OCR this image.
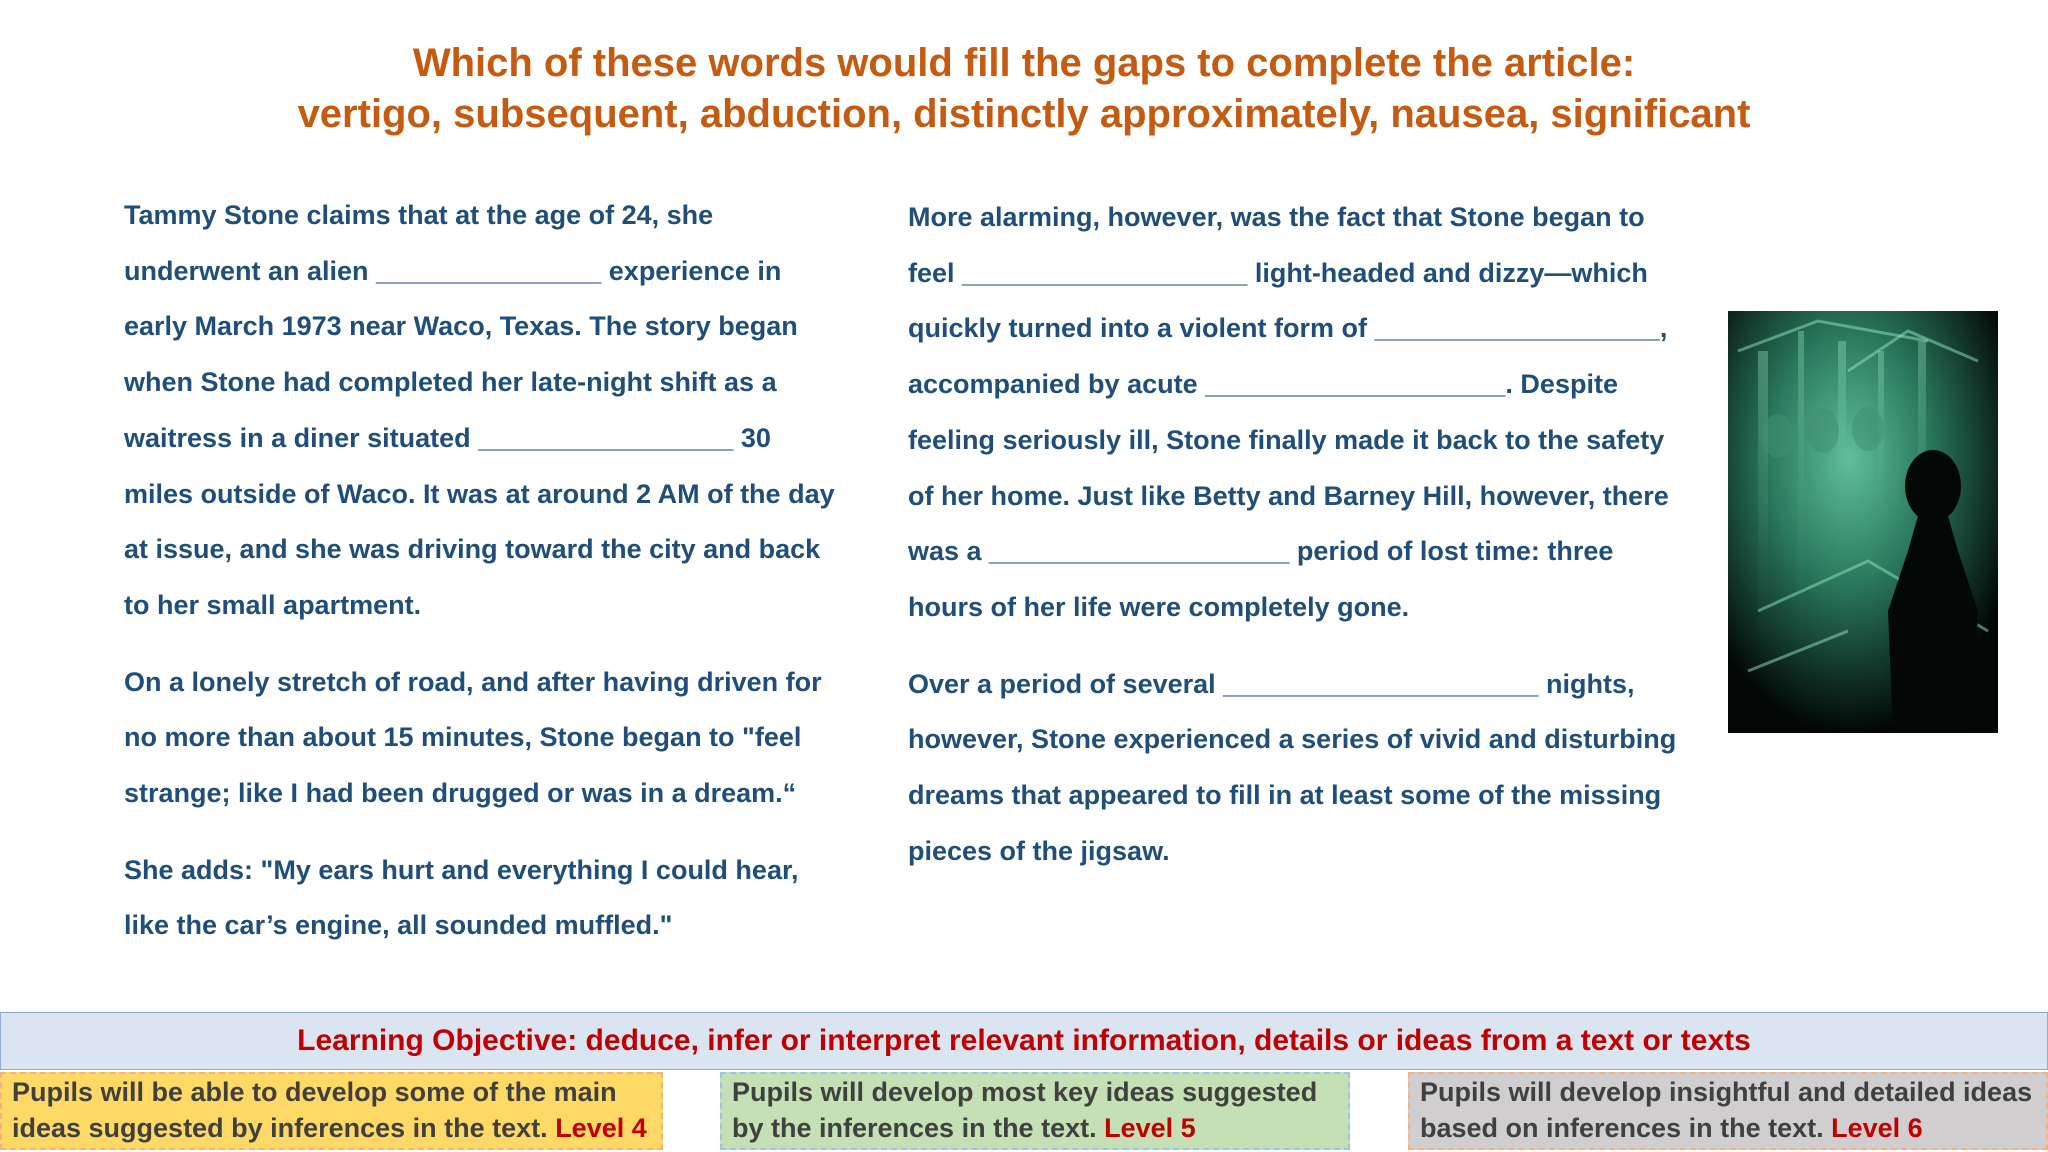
Which of these words would fill the gaps to complete the article:
vertigo, subsequent, abduction, distinctly approximately, nausea, significant

Tammy Stone claims that at the age of 24, she underwent an alien _______________ experience in early March 1973 near Waco, Texas. The story began when Stone had completed her late-night shift as a waitress in a diner situated _________________ 30 miles outside of Waco. It was at around 2 AM of the day at issue, and she was driving toward the city and back to her small apartment.

On a lonely stretch of road, and after having driven for no more than about 15 minutes, Stone began to "feel strange; like I had been drugged or was in a dream.“

She adds: "My ears hurt and everything I could hear, like the car’s engine, all sounded muffled."

More alarming, however, was the fact that Stone began to feel ___________________ light-headed and dizzy—which quickly turned into a violent form of ___________________, accompanied by acute ____________________. Despite feeling seriously ill, Stone finally made it back to the safety of her home. Just like Betty and Barney Hill, however, there was a ____________________ period of lost time: three hours of her life were completely gone.

Over a period of several _____________________ nights, however, Stone experienced a series of vivid and disturbing dreams that appeared to fill in at least some of the missing pieces of the jigsaw.

Learning Objective: deduce, infer or interpret relevant information, details or ideas from a text or texts
Pupils will be able to develop some of the main ideas suggested by inferences in the text. Level 4
Pupils will develop most key ideas suggested by the inferences in the text. Level 5
Pupils will develop insightful and detailed ideas based on inferences in the text. Level 6
